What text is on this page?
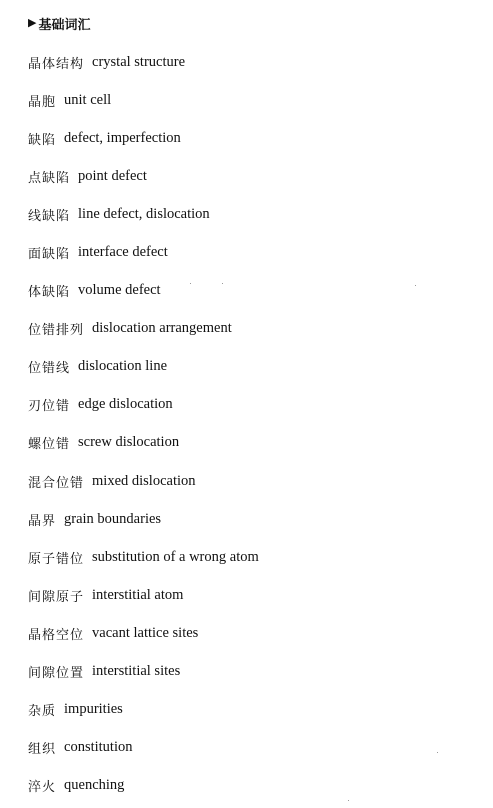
▶ 基础词汇
晶体结构 crystal structure
晶胞 unit cell
缺陷 defect, imperfection
点缺陷 point defect
线缺陷 line defect, dislocation
面缺陷 interface defect
体缺陷 volume defect
位错排列 dislocation arrangement
位错线 dislocation line
刃位错 edge dislocation
螺位错 screw dislocation
混合位错 mixed dislocation
晶界 grain boundaries
原子错位 substitution of a wrong atom
间隙原子 interstitial atom
晶格空位 vacant lattice sites
间隙位置 interstitial sites
杂质 impurities
组织 constitution
淬火 quenching
